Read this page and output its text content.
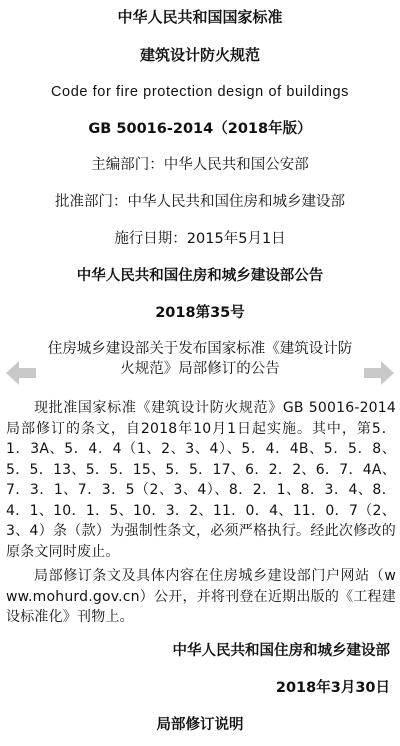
中华人民共和国国家标准
建筑设计防火规范
Code for fire protection design of buildings
GB 50016-2014（2018年版）
主编部门：中华人民共和国公安部
批准部门：中华人民共和国住房和城乡建设部
施行日期：2015年5月1日
中华人民共和国住房和城乡建设部公告
2018第35号
住房城乡建设部关于发布国家标准《建筑设计防火规范》局部修订的公告
现批准国家标准《建筑设计防火规范》GB 50016-2014局部修订的条文，自2018年10月1日起实施。其中，第5．1．3A、5．4．4（1、2、3、4）、5．4．4B、5．5．8、5．5．13、5．5．15、5．5．17、6．2．2、6．7．4A、7．3．1、7．3．5（2、3、4）、8．2．1、8．3．4、8．4．1、10．1．5、10．3．2、11．0．4、11．0．7（2、3、4）条（款）为强制性条文，必须严格执行。经此次修改的原条文同时废止。
局部修订条文及具体内容在住房城乡建设部门户网站（www.mohurd.gov.cn）公开，并将刊登在近期出版的《工程建设标准化》刊物上。
中华人民共和国住房和城乡建设部
2018年3月30日
局部修订说明
